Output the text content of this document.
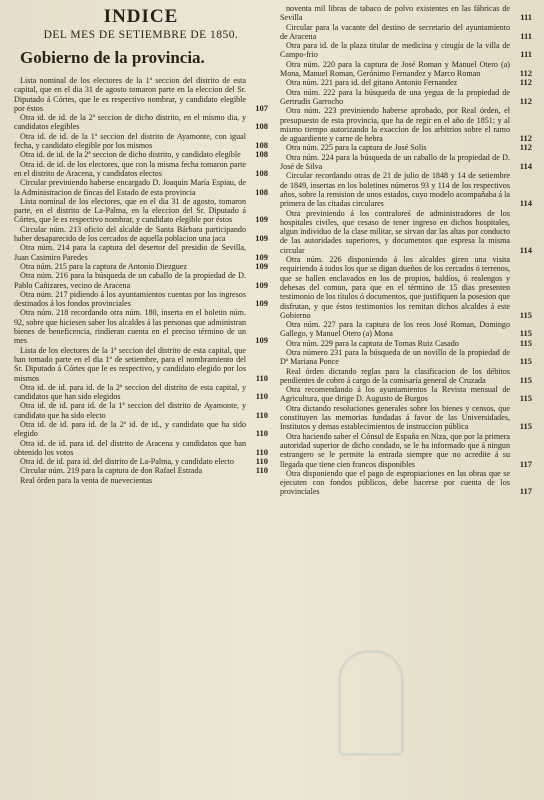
INDICE

DEL MES DE SETIEMBRE DE 1850.

Gobierno de la provincia.

Lista nominal de los electores de la 1ª seccion del distrito de esta capital, que en el dia 31 de agosto tomaron parte en la eleccion del Sr. Diputado á Córtes, que le es respectivo nombrar, y candidato elegible por éstos	107

Otra id. de id. de la 2ª seccion de dicho distrito, en el mismo dia, y candidatos elegibles	108

Otra id. de id. de la 1ª seccion del distrito de Ayamonte, con igual fecha, y candidato elegible por los mismos	108

Otra id. de id. de la 2ª seccion de dicho distrito, y candidato elegible	108

Otra id. de id. de los electores, que con la misma fecha tomaron parte en el distrito de Aracena, y candidatos electos	108

Circular previniendo haberse encargado D. Joaquin María Espiau, de la Administracion de fincas del Estado de esta provincia	108

Lista nominal de los electores, que en el dia 31 de agosto, tomaron parte, en el distrito de La-Palma, en la eleccion del Sr. Diputado á Córtes, que le es respectivo nombrar, y candidato elegible por éstos	109

Circular núm. 213 oficio del alcalde de Santa Bárbara participando haber desaparecido de los cercados de aquella poblacion una jaca	109

Otra núm. 214 para la captura del desertor del presidio de Sevilla, Juan Casimiro Paredes	109

Otra núm. 215 para la captura de Antonio Diezguez	109

Otra núm. 216 para la búsqueda de un caballo de la propiedad de D. Pablo Cañizares, vecino de Aracena	109

Otra núm. 217 pidiendo á los ayuntamientos cuentas por los ingresos destinados á los fondos provinciales	109

Otra núm. 218 recordando otra núm. 180, inserta en el boletin núm. 92, sobre que hiciesen saber los alcaldes á las personas que administran bienes de beneficencia, rindieran cuenta en el preciso término de un mes	109

Lista de los electores de la 1ª seccion del distrito de esta capital, que han tomado parte en el dia 1º de setiembre, para el nombramiento del Sr. Diputado á Córtes que le es respectivo, y candidato elegido por los mismos	110

Otra id. de id. para id. de la 2ª seccion del distrito de esta capital, y candidatos que han sido elegidos	110

Otra id. de id. para id. de la 1ª seccion del distrito de Ayamonte, y candidato que ha sido electo	110

Otra id. de id. para id. de la 2ª id. de id., y candidato que ha sido elegido	110

Otra id. de id. para id. del distrito de Aracena y candidatos que han obtenido los votos	110

Otra id. de id. para id. del distrito de La-Palma, y candidato electo	110

Circular núm. 219 para la captura de don Rafael Estrada	110

Real órden para la venta de nuevecientas

noventa mil libras de tabaco de polvo existentes en las fábricas de Sevilla	111

Circular para la vacante del destino de secretario del ayuntamiento de Aracena	111

Otra para id. de la plaza titular de medicina y cirugía de la villa de Campo-frio	111

Otra núm. 220 para la captura de José Roman y Manuel Otero (a) Mona, Manuel Roman, Gerónimo Fernandez y Marco Roman	112

Otra núm. 221 para id. del gitano Antonio Fernandez	112

Otra núm. 222 para la búsqueda de una yegua de la propiedad de Gertrudis Garrocho	112

Otra núm. 223 previniendo haberse aprobado, por Real órden, el presupuesto de esta provincia, que ha de regir en el año de 1851; y al mismo tiempo autorizando la exaccion de los arbitrios sobre el ramo de aguardiente y carne de hebra	112

Otra núm. 225 para la captura de José Solis	112

Otra núm. 224 para la búsqueda de un caballo de la propiedad de D. José de Silva	114

Circular recordando otras de 21 de julio de 1848 y 14 de setiembre de 1849, insertas en los boletines números 93 y 114 de los respectivos años, sobre la remision de unos estados, cuyo modelo acompañaba á la primera de las citadas circulares	114

Otra previniendo á los contraloreś de administradores de los hospitales civiles, que cesaso de tener ingreso en dichos hospitales, algun individuo de la clase militar, se sirvan dar las altas por conducto de las autoridades superiores, y documentos que espresa la misma circular	114

Otra núm. 226 disponiendo á los alcaldes giren una visita requiriendo á todos los que se digan dueños de los cercados ó terrenos, que se hallen enclavados en los de propios, baldíos, ó realengos y dehesas del comun, para que en el término de 15 dias presenten testimonio de los títulos ó documentos, que justifiquen la posesion que disfrutan, y que éstos testimonios los remitan dichos alcaldes á este Gobierno	115

Otra núm. 227 para la captura de los reos José Roman, Domingo Gallego, y Manuel Otero (a) Mona	115

Otra núm. 229 para la captura de Tomas Ruiz Casado	115

Otra número 231 para la búsqueda de un novillo de la propiedad de Dª Mariana Ponce	115

Real órden dictando reglas para la clasificacion de los débitos pendientes de cobro á cargo de la comisaría general de Cruzada	115

Otra recomendando á los ayuntamientos la Revista mensual de Agricultura, que dirige D. Augusto de Burgos	115

Otra dictando resoluciones generales sobre los bienes y censos, que constituyen las memorias fundadas á favor de las Universidades, Institutos y demas establecimientos de instruccion pública	115

Otra haciendo saber el Cónsul de España en Niza, que por la primera autoridad superior de dicho condado, se le ha informado que á ningun estrangero se le permite la entrada siempre que no acredite á su llegada que tiene cien francos disponibles	117

Otra disponiendo que el pago de espropiaciones en las obras que se ejecuten con fondos públicos, debe hacerse por cuenta de los provinciales	117
